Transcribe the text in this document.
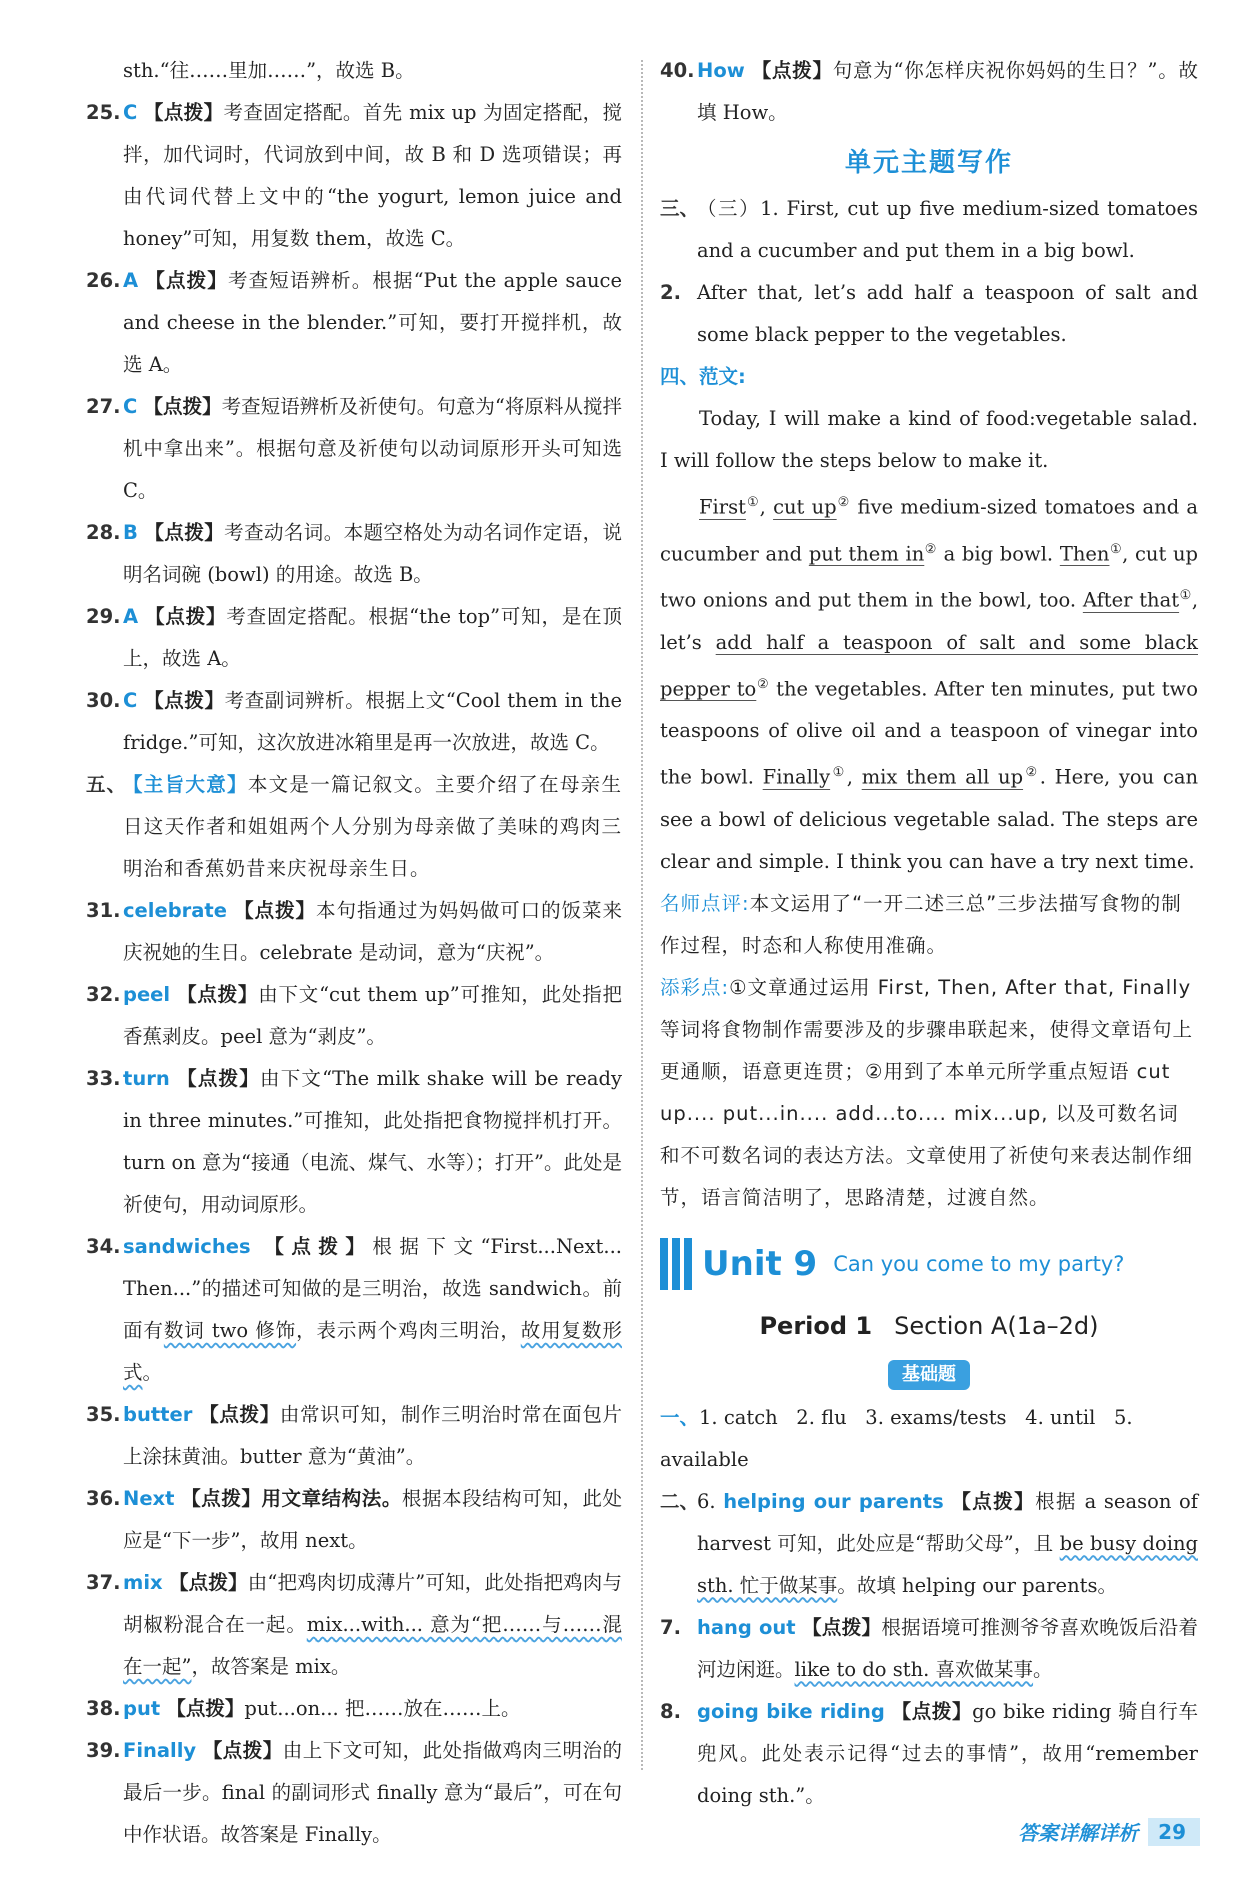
sth.“往……里加……”，故选 B。
25. C 【点拨】考查固定搭配。首先 mix up 为固定搭配，搅拌，加代词时，代词放到中间，故 B 和 D 选项错误；再由代词代替上文中的“the yogurt, lemon juice and honey”可知，用复数 them，故选 C。
26. A 【点拨】考查短语辨析。根据“Put the apple sauce and cheese in the blender.”可知，要打开搅拌机，故选 A。
27. C 【点拨】考查短语辨析及祈使句。句意为“将原料从搅拌机中拿出来”。根据句意及祈使句以动词原形开头可知选 C。
28. B 【点拨】考查动名词。本题空格处为动名词作定语，说明名词碗 (bowl) 的用途。故选 B。
29. A 【点拨】考查固定搭配。根据“the top”可知，是在顶上，故选 A。
30. C 【点拨】考查副词辨析。根据上文“Cool them in the fridge.”可知，这次放进冰箱里是再一次放进，故选 C。
五、
【主旨大意】本文是一篇记叙文。主要介绍了在母亲生日这天作者和姐姐两个人分别为母亲做了美味的鸡肉三明治和香蕉奶昔来庆祝母亲生日。
31. celebrate 【点拨】本句指通过为妈妈做可口的饭菜来庆祝她的生日。celebrate 是动词，意为“庆祝”。
32. peel 【点拨】由下文“cut them up”可推知，此处指把香蕉剥皮。peel 意为“剥皮”。
33. turn 【点拨】由下文“The milk shake will be ready in three minutes.”可推知，此处指把食物搅拌机打开。turn on 意为“接通（电流、煤气、水等）；打开”。此处是祈使句，用动词原形。
34. sandwiches 【点拨】根据下文“First...Next... Then...”的描述可知做的是三明治，故选 sandwich。前面有数词 two 修饰，表示两个鸡肉三明治，故用复数形式。
35. butter 【点拨】由常识可知，制作三明治时常在面包片上涂抹黄油。butter 意为“黄油”。
36. Next 【点拨】用文章结构法。根据本段结构可知，此处应是“下一步”，故用 next。
37. mix 【点拨】由“把鸡肉切成薄片”可知，此处指把鸡肉与胡椒粉混合在一起。mix...with... 意为“把……与……混在一起”，故答案是 mix。
38. put 【点拨】put...on... 把……放在……上。
39. Finally 【点拨】由上下文可知，此处指做鸡肉三明治的最后一步。final 的副词形式 finally 意为“最后”，可在句中作状语。故答案是 Finally。
40. How 【点拨】句意为“你怎样庆祝你妈妈的生日？”。故填 How。
单元主题写作
三、
（三）1. First, cut up five medium-sized tomatoes and a cucumber and put them in a big bowl.
2. After that, let’s add half a teaspoon of salt and some black pepper to the vegetables.
四、范文:
Today, I will make a kind of food:vegetable salad. I will follow the steps below to make it.
First①, cut up② five medium-sized tomatoes and a cucumber and put them in② a big bowl. Then①, cut up two onions and put them in the bowl, too. After that①, let’s add half a teaspoon of salt and some black pepper to② the vegetables. After ten minutes, put two teaspoons of olive oil and a teaspoon of vinegar into the bowl. Finally①, mix them all up②. Here, you can see a bowl of delicious vegetable salad. The steps are clear and simple. I think you can have a try next time.
名师点评:本文运用了“一开二述三总”三步法描写食物的制作过程，时态和人称使用准确。
添彩点:①文章通过运用 First, Then, After that, Finally 等词将食物制作需要涉及的步骤串联起来，使得文章语句上更通顺，语意更连贯；②用到了本单元所学重点短语 cut up.... put...in.... add...to.... mix...up, 以及可数名词和不可数名词的表达方法。文章使用了祈使句来表达制作细节，语言简洁明了，思路清楚，过渡自然。
Unit 9 Can you come to my party?
Period 1 Section A(1a–2d)
基础题
一、1. catch 2. flu 3. exams/tests 4. until 5. available
二、
6. helping our parents 【点拨】根据 a season of harvest 可知，此处应是“帮助父母”，且 be busy doing sth. 忙于做某事。故填 helping our parents。
7. hang out 【点拨】根据语境可推测爷爷喜欢晚饭后沿着河边闲逛。like to do sth. 喜欢做某事。
8. going bike riding 【点拨】go bike riding 骑自行车兜风。此处表示记得“过去的事情”，故用“remember doing sth.”。
答案详解详析	29
